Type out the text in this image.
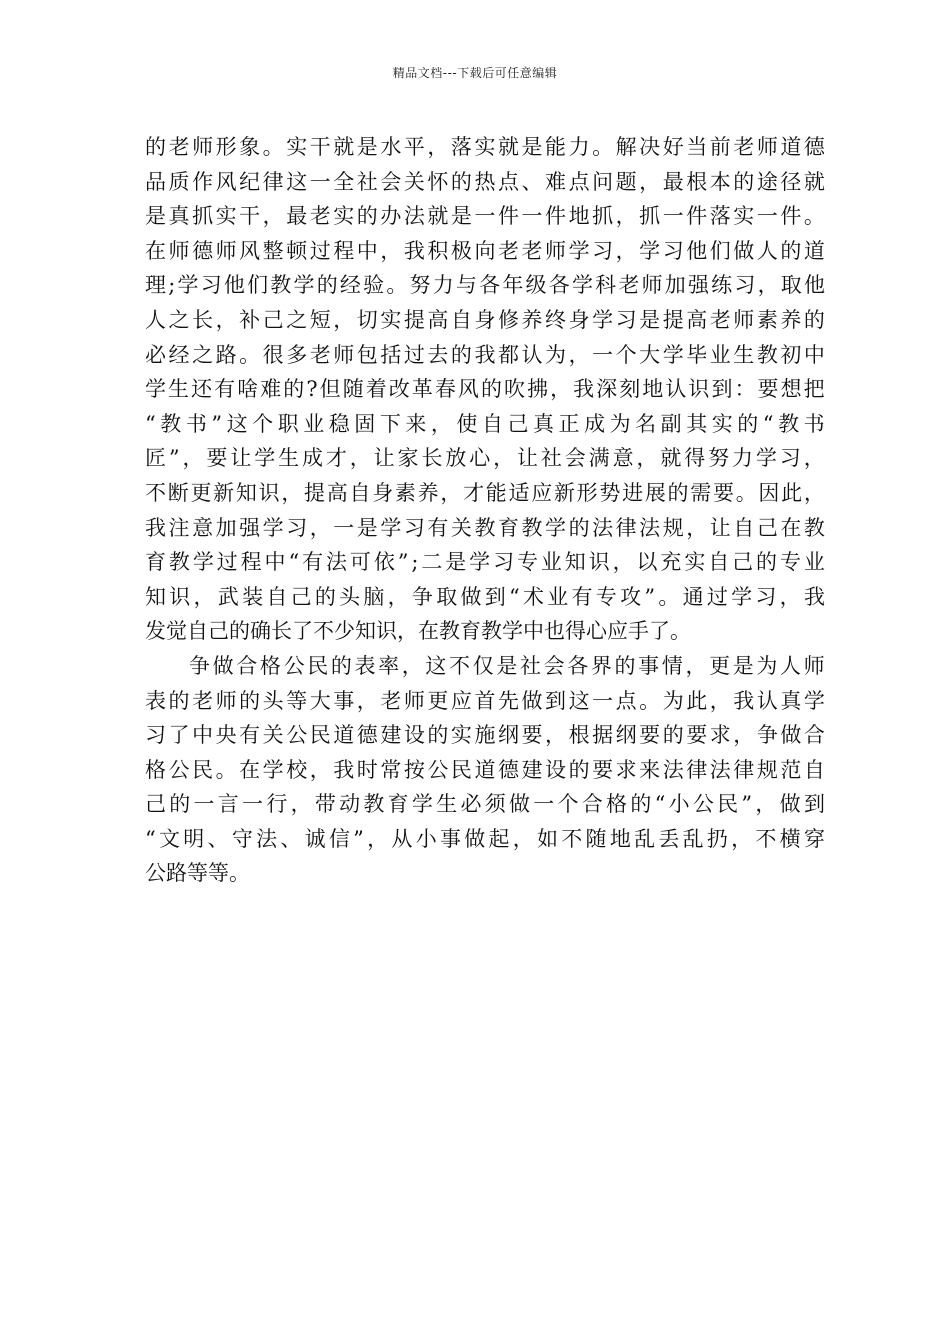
精品文档---下载后可任意编辑
的 老 师 形 象 。 实 干 就 是 水 平 ， 落 实 就 是 能 力 。 解 决 好 当 前 老 师 道 德
品 质 作 风 纪 律 这 一 全 社 会 关 怀 的 热 点 、 难 点 问 题 ， 最 根 本 的 途 径 就
是 真 抓 实 干 ， 最 老 实 的 办 法 就 是 一 件 一 件 地 抓 ， 抓 一 件 落 实 一 件 。
在 师 德 师 风 整 顿 过 程 中 ， 我 积 极 向 老 老 师 学 习 ， 学 习 他 们 做 人 的 道
理 ; 学 习 他 们 教 学 的 经 验 。 努 力 与 各 年 级 各 学 科 老 师 加 强 练 习 ， 取 他
人 之 长 ， 补 己 之 短 ， 切 实 提 高 自 身 修 养 终 身 学 习 是 提 高 老 师 素 养 的
必 经 之 路 。 很 多 老 师 包 括 过 去 的 我 都 认 为 ， 一 个 大 学 毕 业 生 教 初 中
学 生 还 有 啥 难 的 ? 但 随 着 改 革 春 风 的 吹 拂 ， 我 深 刻 地 认 识 到 ： 要 想 把
“ 教 书 ” 这 个 职 业 稳 固 下 来 ， 使 自 己 真 正 成 为 名 副 其 实 的 “ 教 书
匠 ” ， 要 让 学 生 成 才 ， 让 家 长 放 心 ， 让 社 会 满 意 ， 就 得 努 力 学 习 ，
不 断 更 新 知 识 ， 提 高 自 身 素 养 ， 才 能 适 应 新 形 势 进 展 的 需 要 。 因 此 ，
我 注 意 加 强 学 习 ， 一 是 学 习 有 关 教 育 教 学 的 法 律 法 规 ， 让 自 己 在 教
育 教 学 过 程 中 “ 有 法 可 依 ” ; 二 是 学 习 专 业 知 识 ， 以 充 实 自 己 的 专 业
知 识 ， 武 装 自 己 的 头 脑 ， 争 取 做 到 “ 术 业 有 专 攻 ” 。 通 过 学 习 ， 我
发觉自己的确长了不少知识，在教育教学中也得心应手了。
争 做 合 格 公 民 的 表 率 ， 这 不 仅 是 社 会 各 界 的 事 情 ， 更 是 为 人 师
表 的 老 师 的 头 等 大 事 ， 老 师 更 应 首 先 做 到 这 一 点 。 为 此 ， 我 认 真 学
习 了 中 央 有 关 公 民 道 德 建 设 的 实 施 纲 要 ， 根 据 纲 要 的 要 求 ， 争 做 合
格 公 民 。 在 学 校 ， 我 时 常 按 公 民 道 德 建 设 的 要 求 来 法 律 法 律 规 范 自
己 的 一 言 一 行 ， 带 动 教 育 学 生 必 须 做 一 个 合 格 的 “ 小 公 民 ” ， 做 到
“ 文 明 、 守 法 、 诚 信 ” ， 从 小 事 做 起 ， 如 不 随 地 乱 丢 乱 扔 ， 不 横 穿
公路等等。
